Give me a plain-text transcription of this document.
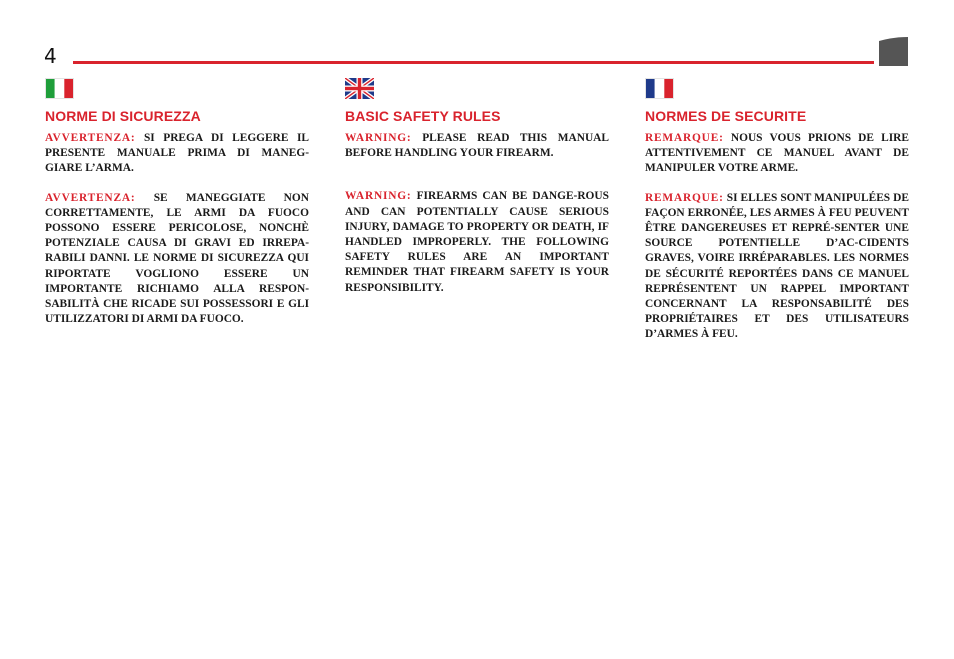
4
NORME DI SICUREZZA

AVVERTENZA: SI PREGA DI LEGGERE IL PRESENTE MANUALE PRIMA DI MANEG-GIARE L’ARMA.

AVVERTENZA: SE MANEGGIATE NON CORRETTAMENTE, LE ARMI DA FUOCO POSSONO ESSERE PERICOLOSE, NONCHÈ POTENZIALE CAUSA DI GRAVI ED IRREPA-RABILI DANNI. LE NORME DI SICUREZZA QUI RIPORTATE VOGLIONO ESSERE UN IMPORTANTE RICHIAMO ALLA RESPON-SABILITÀ CHE RICADE SUI POSSESSORI E GLI UTILIZZATORI DI ARMI DA FUOCO.

BASIC SAFETY RULES

WARNING: PLEASE READ THIS MANUAL BEFORE HANDLING YOUR FIREARM.

WARNING: FIREARMS CAN BE DANGE-ROUS AND CAN POTENTIALLY CAUSE SERIOUS INJURY, DAMAGE TO PROPERTY OR DEATH, IF HANDLED IMPROPERLY. THE FOLLOWING SAFETY RULES ARE AN IMPORTANT REMINDER THAT FIREARM SAFETY IS YOUR RESPONSIBILITY.

NORMES DE SECURITE

REMARQUE: NOUS VOUS PRIONS DE LIRE ATTENTIVEMENT CE MANUEL AVANT DE MANIPULER VOTRE ARME.

REMARQUE: SI ELLES SONT MANIPULÉES DE FAÇON ERRONÉE, LES ARMES À FEU PEUVENT ÊTRE DANGEREUSES ET REPRÉ-SENTER UNE SOURCE POTENTIELLE D’AC-CIDENTS GRAVES, VOIRE IRRÉPARABLES. LES NORMES DE SÉCURITÉ REPORTÉES DANS CE MANUEL REPRÉSENTENT UN RAPPEL IMPORTANT CONCERNANT LA RESPONSABILITÉ DES PROPRIÉTAIRES ET DES UTILISATEURS D’ARMES À FEU.
